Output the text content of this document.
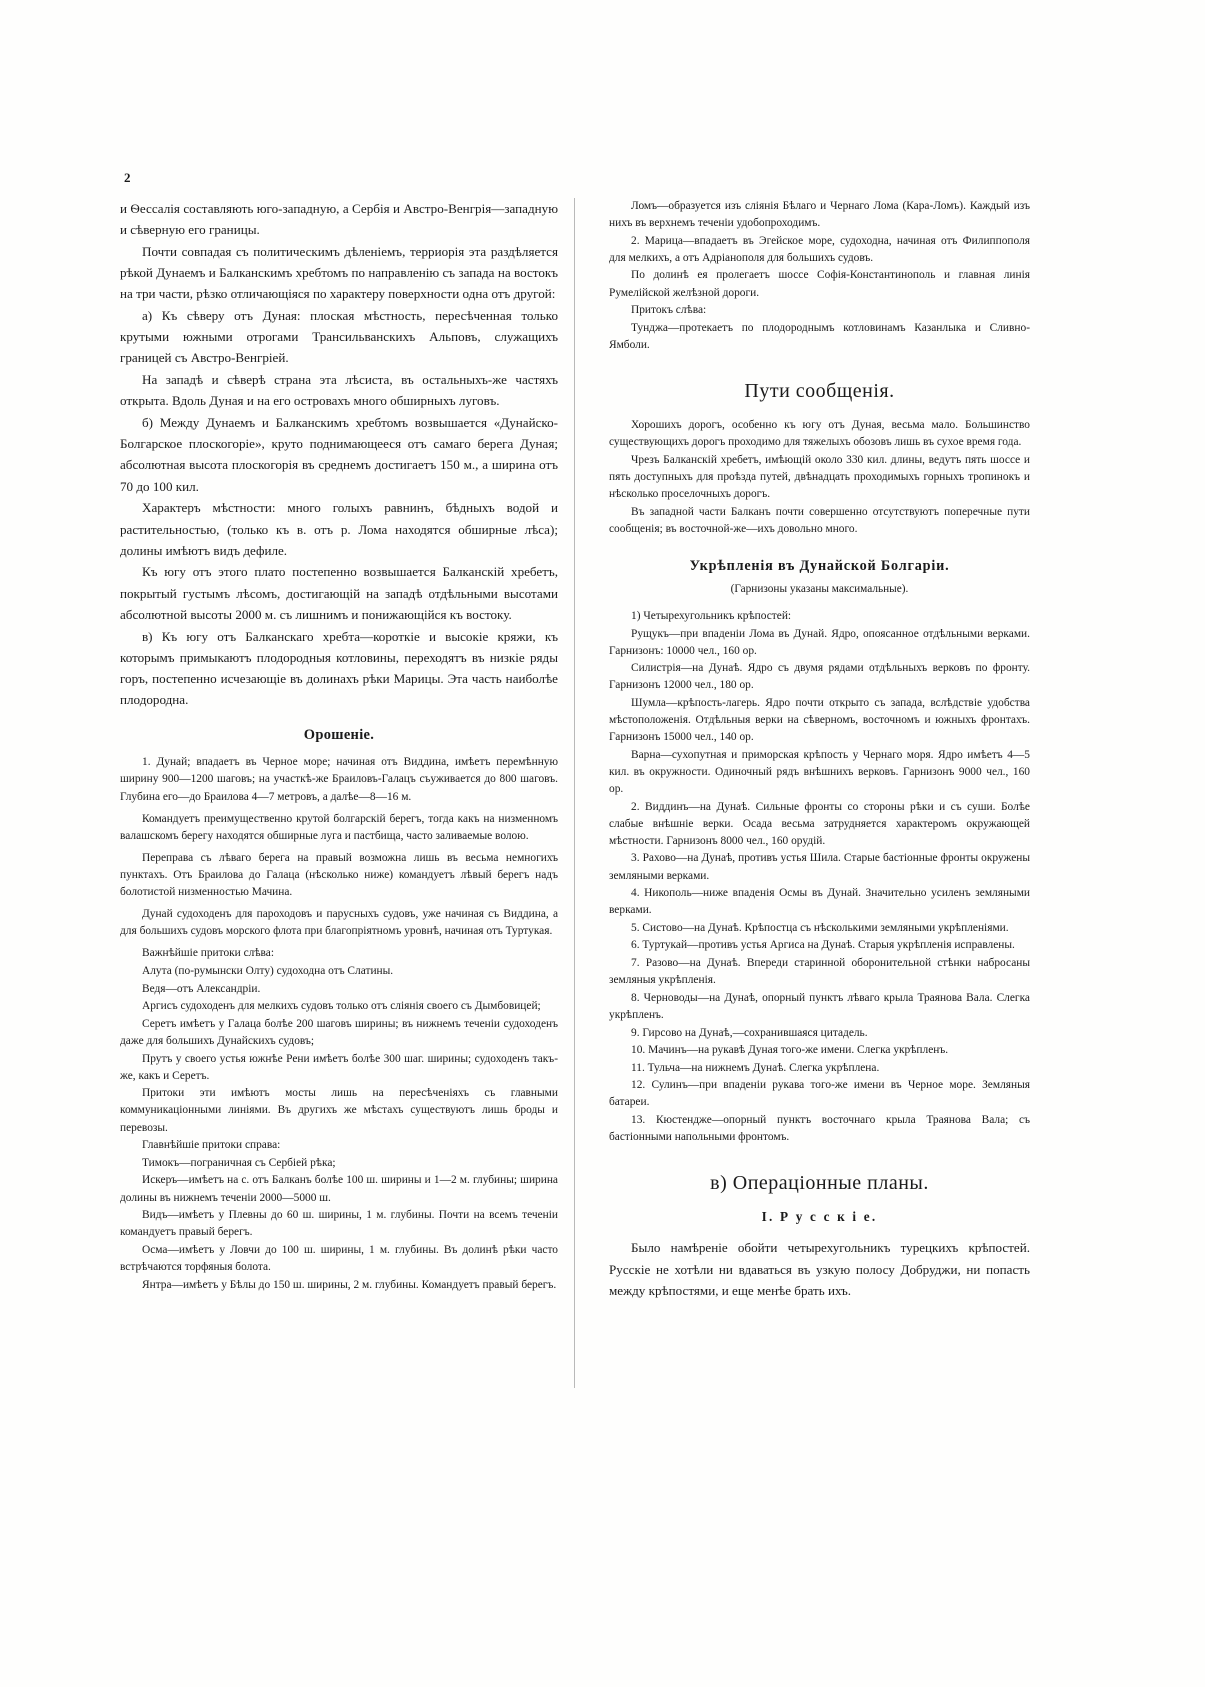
2

и Ѳессалія составляють юго-западную, а Сербія и Австро-Венгрія—западную и сѣверную его границы.

Почти совпадая съ политическимъ дѣленіемъ, терриорія эта раздѣляется рѣкой Дунаемъ и Балканскимъ хребтомъ по направленію съ запада на востокъ на три части, рѣзко отличающіяся по характеру поверхности одна отъ другой:

а) Къ сѣверу отъ Дуная: плоская мѣстность, пересѣченная только крутыми южными отрогами Трансильванскихъ Альповъ, служащихъ границей съ Австро-Венгріей.

На западѣ и сѣверѣ страна эта лѣсиста, въ остальныхъ-же частяхъ открыта. Вдоль Дуная и на его островахъ много обширныхъ луговъ.

б) Между Дунаемъ и Балканскимъ хребтомъ возвышается «Дунайско-Болгарское плоскогоріе», круто поднимающееся отъ самаго берега Дуная; абсолютная высота плоскогорія въ среднемъ достигаетъ 150 м., а ширина отъ 70 до 100 кил.

Характеръ мѣстности: много голыхъ равнинъ, бѣдныхъ водой и растительностью, (только къ в. отъ р. Лома находятся обширные лѣса); долины имѣютъ видъ дефиле.

Къ югу отъ этого плато постепенно возвышается Балканскій хребетъ, покрытый густымъ лѣсомъ, достигающій на западѣ отдѣльными высотами абсолютной высоты 2000 м. съ лишнимъ и понижающійся къ востоку.

в) Къ югу отъ Балканскаго хребта—короткіе и высокіе кряжи, къ которымъ примыкаютъ плодородныя котловины, переходятъ въ низкіе ряды горъ, постепенно исчезающіе въ долинахъ рѣки Марицы. Эта часть наиболѣе плодородна.

Орошеніе.

1. Дунай; впадаетъ въ Черное море; начиная отъ Виддина, имѣетъ перемѣнную ширину 900—1200 шаговъ; на участкѣ-же Браиловъ-Галацъ съуживается до 800 шаговъ. Глубина его—до Браилова 4—7 метровъ, а далѣе—8—16 м.

Командуетъ преимущественно крутой болгарскій берегъ, тогда какъ на низменномъ валашскомъ берегу находятся обширные луга и пастбища, часто заливаемые волою.

Переправа съ лѣваго берега на правый возможна лишь въ весьма немногихъ пунктахъ. Отъ Браилова до Галаца (нѣсколько ниже) командуетъ лѣвый берегъ надъ болотистой низменностью Мачина.

Дунай судоходенъ для пароходовъ и парусныхъ судовъ, уже начиная съ Виддина, а для большихъ судовъ морского флота при благопріятномъ уровнѣ, начиная отъ Туртукая.

Важнѣйшіе притоки слѣва:

Алута (по-румынски Олту) судоходна отъ Слатины.

Ведя—отъ Александріи.

Аргисъ судоходенъ для мелкихъ судовъ только отъ сліянія своего съ Дымбовицей;

Серетъ имѣетъ у Галаца болѣе 200 шаговъ ширины; въ нижнемъ теченіи судоходенъ даже для большихъ Дунайскихъ судовъ;

Прутъ у своего устья южнѣе Рени имѣетъ болѣе 300 шаг. ширины; судоходенъ такъ-же, какъ и Серетъ.

Притоки эти имѣютъ мосты лишь на пересѣченіяхъ съ главными коммуникаціонными линіями. Въ другихъ же мѣстахъ существуютъ лишь броды и перевозы.

Главнѣйшіе притоки справа:

Тимокъ—пограничная съ Сербіей рѣка;

Искеръ—имѣетъ на с. отъ Балканъ болѣе 100 ш. ширины и 1—2 м. глубины; ширина долины въ нижнемъ теченіи 2000—5000 ш.

Видъ—имѣетъ у Плевны до 60 ш. ширины, 1 м. глубины. Почти на всемъ теченіи командуетъ правый берегъ.

Осма—имѣетъ у Ловчи до 100 ш. ширины, 1 м. глубины. Въ долинѣ рѣки часто встрѣчаются торфяныя болота.

Янтра—имѣетъ у Бѣлы до 150 ш. ширины, 2 м. глубины. Командуетъ правый берегъ.

Ломъ—образуется изъ сліянія Бѣлаго и Чернаго Лома (Кара-Ломъ). Каждый изъ нихъ въ верхнемъ теченіи удобопроходимъ.

2. Марица—впадаетъ въ Эгейское море, судоходна, начиная отъ Филиппополя для мелкихъ, а отъ Адріанополя для большихъ судовъ.

По долинѣ ея пролегаетъ шоссе Софія-Константинополь и главная линія Румелійской желѣзной дороги.

Притокъ слѣва:

Тунджа—протекаетъ по плодороднымъ котловинамъ Казанлыка и Сливно-Ямболи.

Пути сообщенія.

Хорошихъ дорогъ, особенно къ югу отъ Дуная, весьма мало. Большинство существующихъ дорогъ проходимо для тяжелыхъ обозовъ лишь въ сухое время года.

Чрезъ Балканскій хребетъ, имѣющій около 330 кил. длины, ведутъ пять шоссе и пять доступныхъ для проѣзда путей, двѣнадцать проходимыхъ горныхъ тропинокъ и нѣсколько проселочныхъ дорогъ.

Въ западной части Балканъ почти совершенно отсутствуютъ поперечные пути сообщенія; въ восточной-же—ихъ довольно много.

Укрѣпленія въ Дунайской Болгаріи.

(Гарнизоны указаны максимальные).

1) Четырехугольникъ крѣпостей:

Рущукъ—при впаденіи Лома въ Дунай. Ядро, опоясанное отдѣльными верками. Гарнизонъ: 10000 чел., 160 ор.

Силистрія—на Дунаѣ. Ядро съ двумя рядами отдѣльныхъ верковъ по фронту. Гарнизонъ 12000 чел., 180 ор.

Шумла—крѣпость-лагерь. Ядро почти открыто съ запада, вслѣдствіе удобства мѣстоположенія. Отдѣльныя верки на сѣверномъ, восточномъ и южныхъ фронтахъ. Гарнизонъ 15000 чел., 140 ор.

Варна—сухопутная и приморская крѣпость у Чернаго моря. Ядро имѣетъ 4—5 кил. въ окружности. Одиночный рядъ внѣшнихъ верковъ. Гарнизонъ 9000 чел., 160 ор.

2. Виддинъ—на Дунаѣ. Сильные фронты со стороны рѣки и съ суши. Болѣе слабые внѣшніе верки. Осада весьма затрудняется характеромъ окружающей мѣстности. Гарнизонъ 8000 чел., 160 орудій.

3. Рахово—на Дунаѣ, противъ устья Шила. Старые бастіонные фронты окружены земляными верками.

4. Никополь—ниже впаденія Осмы въ Дунай. Значительно усиленъ земляными верками.

5. Систово—на Дунаѣ. Крѣпостца съ нѣсколькими земляными укрѣпленіями.

6. Туртукай—противъ устья Аргиса на Дунаѣ. Старыя укрѣпленія исправлены.

7. Разово—на Дунаѣ. Впереди старинной оборонительной стѣнки набросаны земляныя укрѣпленія.

8. Черноводы—на Дунаѣ, опорный пунктъ лѣваго крыла Траянова Вала. Слегка укрѣпленъ.

9. Гирсово на Дунаѣ,—сохранившаяся цитадель.

10. Мачинъ—на рукавѣ Дуная того-же имени. Слегка укрѣпленъ.

11. Тульча—на нижнемъ Дунаѣ. Слегка укрѣплена.

12. Сулинъ—при впаденіи рукава того-же имени въ Черное море. Земляныя батареи.

13. Кюстендже—опорный пунктъ восточнаго крыла Траянова Вала; съ бастіонными напольными фронтомъ.

в) Операціонные планы.
I. Р у с с к і е.

Было намѣреніе обойти четырехугольникъ турецкихъ крѣпостей. Русскіе не хотѣли ни вдаваться въ узкую полосу Добруджи, ни попасть между крѣпостями, и еще менѣе брать ихъ.
